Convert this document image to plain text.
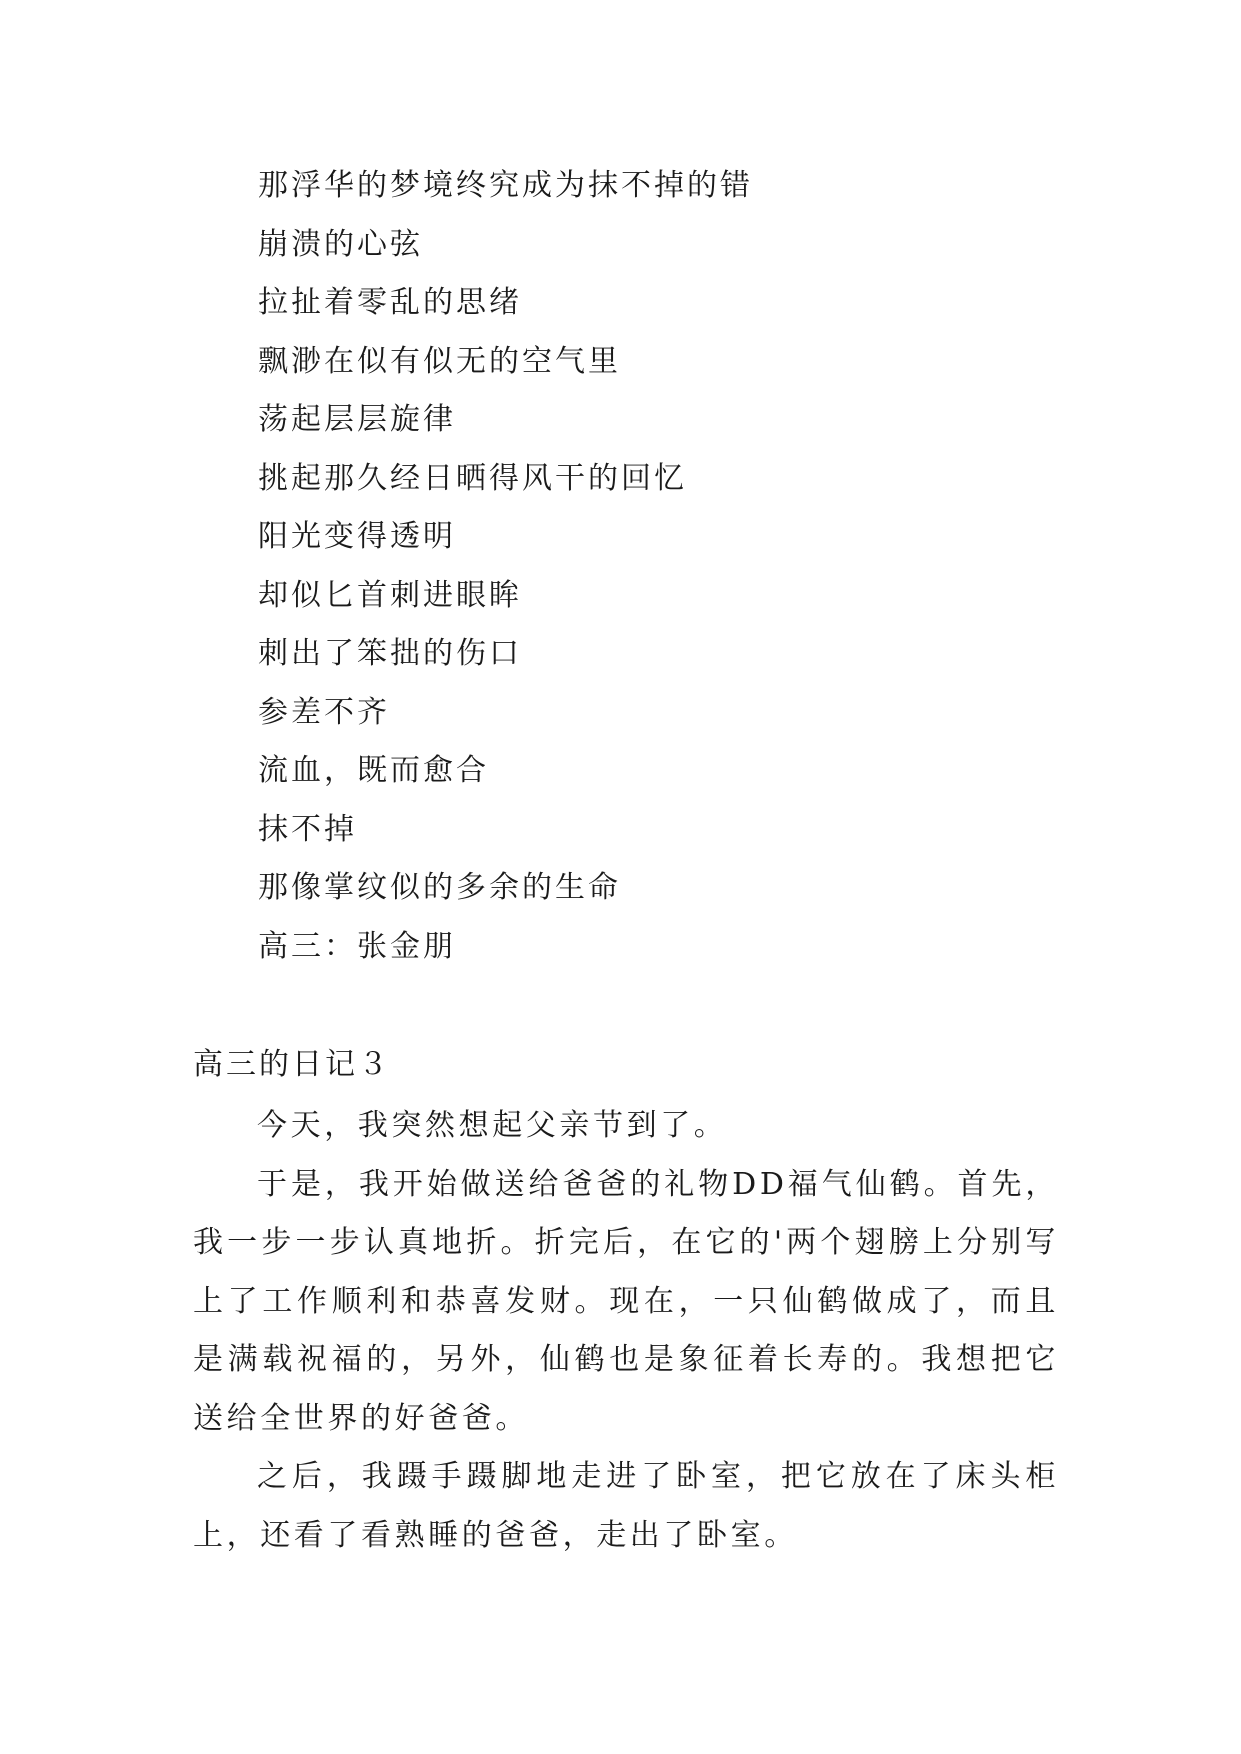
那浮华的梦境终究成为抹不掉的错
崩溃的心弦
拉扯着零乱的思绪
飘渺在似有似无的空气里
荡起层层旋律
挑起那久经日晒得风干的回忆
阳光变得透明
却似匕首刺进眼眸
刺出了笨拙的伤口
参差不齐
流血，既而愈合
抹不掉
那像掌纹似的多余的生命
高三：张金朋
高三的日记３

今天，我突然想起父亲节到了。

于是，我开始做送给爸爸的礼物DD福气仙鹤。首先，我一步一步认真地折。折完后，在它的'两个翅膀上分别写上了工作顺利和恭喜发财。现在，一只仙鹤做成了，而且是满载祝福的，另外，仙鹤也是象征着长寿的。我想把它送给全世界的好爸爸。

之后，我蹑手蹑脚地走进了卧室，把它放在了床头柜上，还看了看熟睡的爸爸，走出了卧室。
